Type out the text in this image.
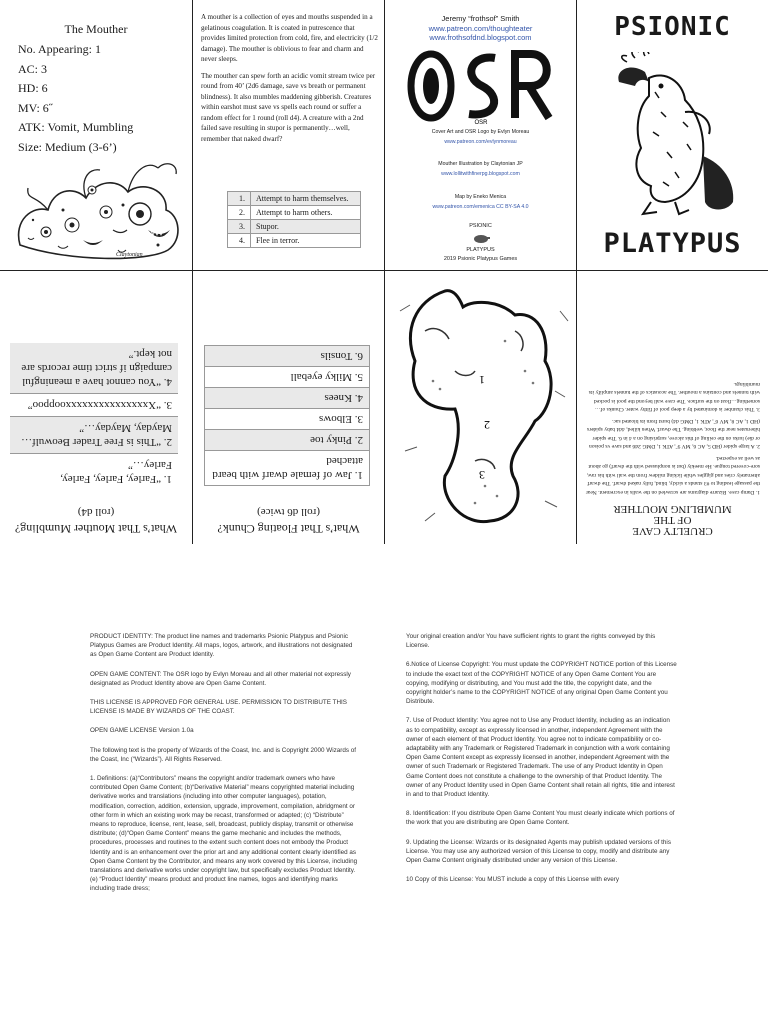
The Mouther
No. Appearing: 1
AC: 3
HD: 6
MV: 6˝
ATK: Vomit, Mumbling
Size: Medium (3-6’)
Claytonian

A mouther is a collection of eyes and mouths suspended in a gelatinous coagulation. It is coated in putrescence that provides limited protection from cold, fire, and electricity (1/2 damage). The mouther is oblivious to fear and charm and never sleeps.

The mouther can spew forth an acidic vomit stream twice per round from 40’ (2d6 damage, save vs breath or permanent blindness). It also mumbles maddening gibberish. Creatures within earshot must save vs spells each round or suffer a random effect for 1 round (roll d4). A creature with a 2nd failed save resulting in stupor is permanently…well, remember that naked dwarf?

1.	Attempt to harm themselves.
2.	Attempt to harm others.
3.	Stupor.
4.	Flee in terror.
Jeremy “frothsof” Smith
www.patreon.com/thoughteater
www.frothsofdnd.blogspot.com
OSR
Cover Art and OSR Logo by Evlyn Moreau
www.patreon.com/evlynmoreau
Mouther Illustration by Claytonian JP
www.lollitwithfinerpg.blogspot.com
Map by Eneko Menica
www.patreon.com/emenica CC BY-SA 4.0
PSIONIC
PLATYPUS
2019 Psionic Platypus Games
PSIONIC
PLATYPUS
What’s That Mouther Mumbling?
(roll d4)
1. “Farley, Farley, Farley, Farley…”
2. “This is Free Trader Beowulf…Mayday, Mayday…”
3. “Xxxxxxxxxxxxxxxxooppoo”
4. “You cannot have a meaningful campaign if strict time records are not kept.”
What’s That Floating Chunk?
(roll d6 twice)
1. Jaw of female dwarf with beard attached
2. Pinky toe
3. Elbows
4. Knees
5. Milky eyeball
6. Tonsils
1
2
3
CRUELTY CAVE
OF THE
MUMBLING MOUTHER

1. Damp cave. Bizarre diagrams are scrawled on the walls in excrement. Near the passage leading to #3 stands a sickly, blind, fully naked dwarf. The dwarf alternately cries and giggles while licking mildew from the wall with his raw, sore-covered tongue. He meekly (but is nonplussed with the dwarf) go about as well as expected.

2. A large spider (HD 5, AC 6, MV 9˝, ATK 1, DMG 2d6 and save vs poison or die) lurks on the ceiling of this alcove, surprising on a 4 in 6. The spider hibernates near the floor, webbing. The dwarf. When killed, 4d4 baby spiders (HD 1, AC 8, MV 6˝, ATK 1, DMG d4) burst from its bloated sac.

3. This chamber is dominated by a deep pool of filthy water. Chunks of…something…float on the surface. The cave wall beyond the pool is pocked with tunnels and contains a mouther. The acoustics of the tunnels amplify its mumblings.

PRODUCT IDENTITY: The product line names and trademarks Psionic Platypus and Psionic Platypus Games are Product Identity. All maps, logos, artwork, and illustrations not designated as Open Game Content are Product Identity.

OPEN GAME CONTENT: The OSR logo by Evlyn Moreau and all other material not expressly designated as Product Identity above are Open Game Content.

THIS LICENSE IS APPROVED FOR GENERAL USE. PERMISSION TO DISTRIBUTE THIS LICENSE IS MADE BY WIZARDS OF THE COAST.

OPEN GAME LICENSE Version 1.0a

The following text is the property of Wizards of the Coast, Inc. and is Copyright 2000 Wizards of the Coast, Inc (“Wizards”). All Rights Reserved.

1. Definitions: (a)“Contributors” means the copyright and/or trademark owners who have contributed Open Game Content; (b)“Derivative Material” means copyrighted material including derivative works and translations (including into other computer languages), potation, modification, correction, addition, extension, upgrade, improvement, compilation, abridgment or other form in which an existing work may be recast, transformed or adapted; (c) “Distribute” means to reproduce, license, rent, lease, sell, broadcast, publicly display, transmit or otherwise distribute; (d)“Open Game Content” means the game mechanic and includes the methods, procedures, processes and routines to the extent such content does not embody the Product Identity and is an enhancement over the prior art and any additional content clearly identified as Open Game Content by the Contributor, and means any work covered by this License, including translations and derivative works under copyright law, but specifically excludes Product Identity. (e) “Product Identity” means product and product line names, logos and identifying marks including trade dress;

Your original creation and/or You have sufficient rights to grant the rights conveyed by this License.

6.Notice of License Copyright: You must update the COPYRIGHT NOTICE portion of this License to include the exact text of the COPYRIGHT NOTICE of any Open Game Content You are copying, modifying or distributing, and You must add the title, the copyright date, and the copyright holder’s name to the COPYRIGHT NOTICE of any original Open Game Content you Distribute.

7. Use of Product Identity: You agree not to Use any Product Identity, including as an indication as to compatibility, except as expressly licensed in another, independent Agreement with the owner of each element of that Product Identity. You agree not to indicate compatibility or co-adaptability with any Trademark or Registered Trademark in conjunction with a work containing Open Game Content except as expressly licensed in another, independent Agreement with the owner of such Trademark or Registered Trademark. The use of any Product Identity in Open Game Content does not constitute a challenge to the ownership of that Product Identity. The owner of any Product Identity used in Open Game Content shall retain all rights, title and interest in and to that Product Identity.

8. Identification: If you distribute Open Game Content You must clearly indicate which portions of the work that you are distributing are Open Game Content.

9. Updating the License: Wizards or its designated Agents may publish updated versions of this License. You may use any authorized version of this License to copy, modify and distribute any Open Game Content originally distributed under any version of this License.

10 Copy of this License: You MUST include a copy of this License with every
